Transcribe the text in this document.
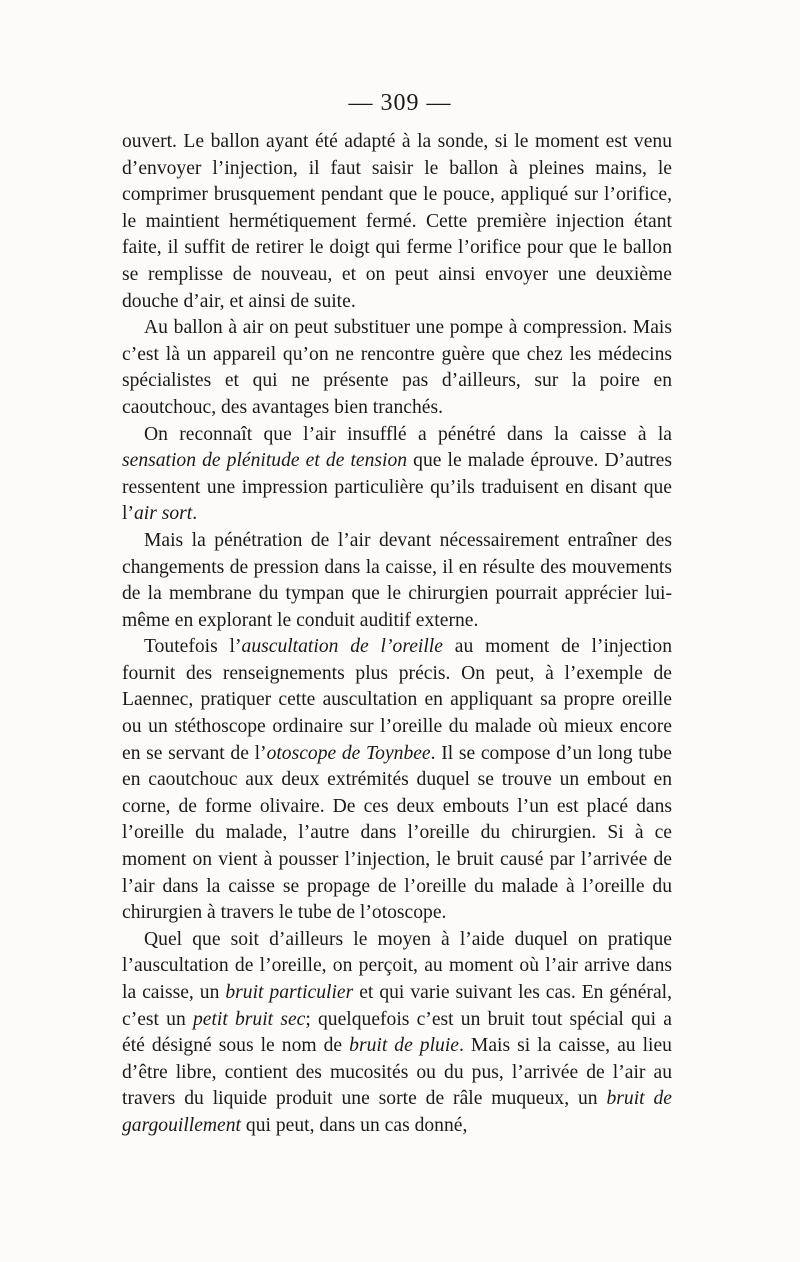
— 309 —

ouvert. Le ballon ayant été adapté à la sonde, si le moment est venu d’envoyer l’injection, il faut saisir le ballon à pleines mains, le comprimer brusquement pendant que le pouce, appliqué sur l’orifice, le maintient hermétiquement fermé. Cette première injection étant faite, il suffit de retirer le doigt qui ferme l’orifice pour que le ballon se remplisse de nouveau, et on peut ainsi envoyer une deuxième douche d’air, et ainsi de suite.

Au ballon à air on peut substituer une pompe à compression. Mais c’est là un appareil qu’on ne rencontre guère que chez les médecins spécialistes et qui ne présente pas d’ailleurs, sur la poire en caoutchouc, des avantages bien tranchés.

On reconnaît que l’air insufflé a pénétré dans la caisse à la sensation de plénitude et de tension que le malade éprouve. D’autres ressentent une impression particulière qu’ils traduisent en disant que l’air sort.

Mais la pénétration de l’air devant nécessairement entraîner des changements de pression dans la caisse, il en résulte des mouvements de la membrane du tympan que le chirurgien pourrait apprécier lui-même en explorant le conduit auditif externe.

Toutefois l’auscultation de l’oreille au moment de l’injection fournit des renseignements plus précis. On peut, à l’exemple de Laennec, pratiquer cette auscultation en appliquant sa propre oreille ou un stéthoscope ordinaire sur l’oreille du malade où mieux encore en se servant de l’otoscope de Toynbee. Il se compose d’un long tube en caoutchouc aux deux extrémités duquel se trouve un embout en corne, de forme olivaire. De ces deux embouts l’un est placé dans l’oreille du malade, l’autre dans l’oreille du chirurgien. Si à ce moment on vient à pousser l’injection, le bruit causé par l’arrivée de l’air dans la caisse se propage de l’oreille du malade à l’oreille du chirurgien à travers le tube de l’otoscope.

Quel que soit d’ailleurs le moyen à l’aide duquel on pratique l’auscultation de l’oreille, on perçoit, au moment où l’air arrive dans la caisse, un bruit particulier et qui varie suivant les cas. En général, c’est un petit bruit sec; quelquefois c’est un bruit tout spécial qui a été désigné sous le nom de bruit de pluie. Mais si la caisse, au lieu d’être libre, contient des mucosités ou du pus, l’arrivée de l’air au travers du liquide produit une sorte de râle muqueux, un bruit de gargouillement qui peut, dans un cas donné,
